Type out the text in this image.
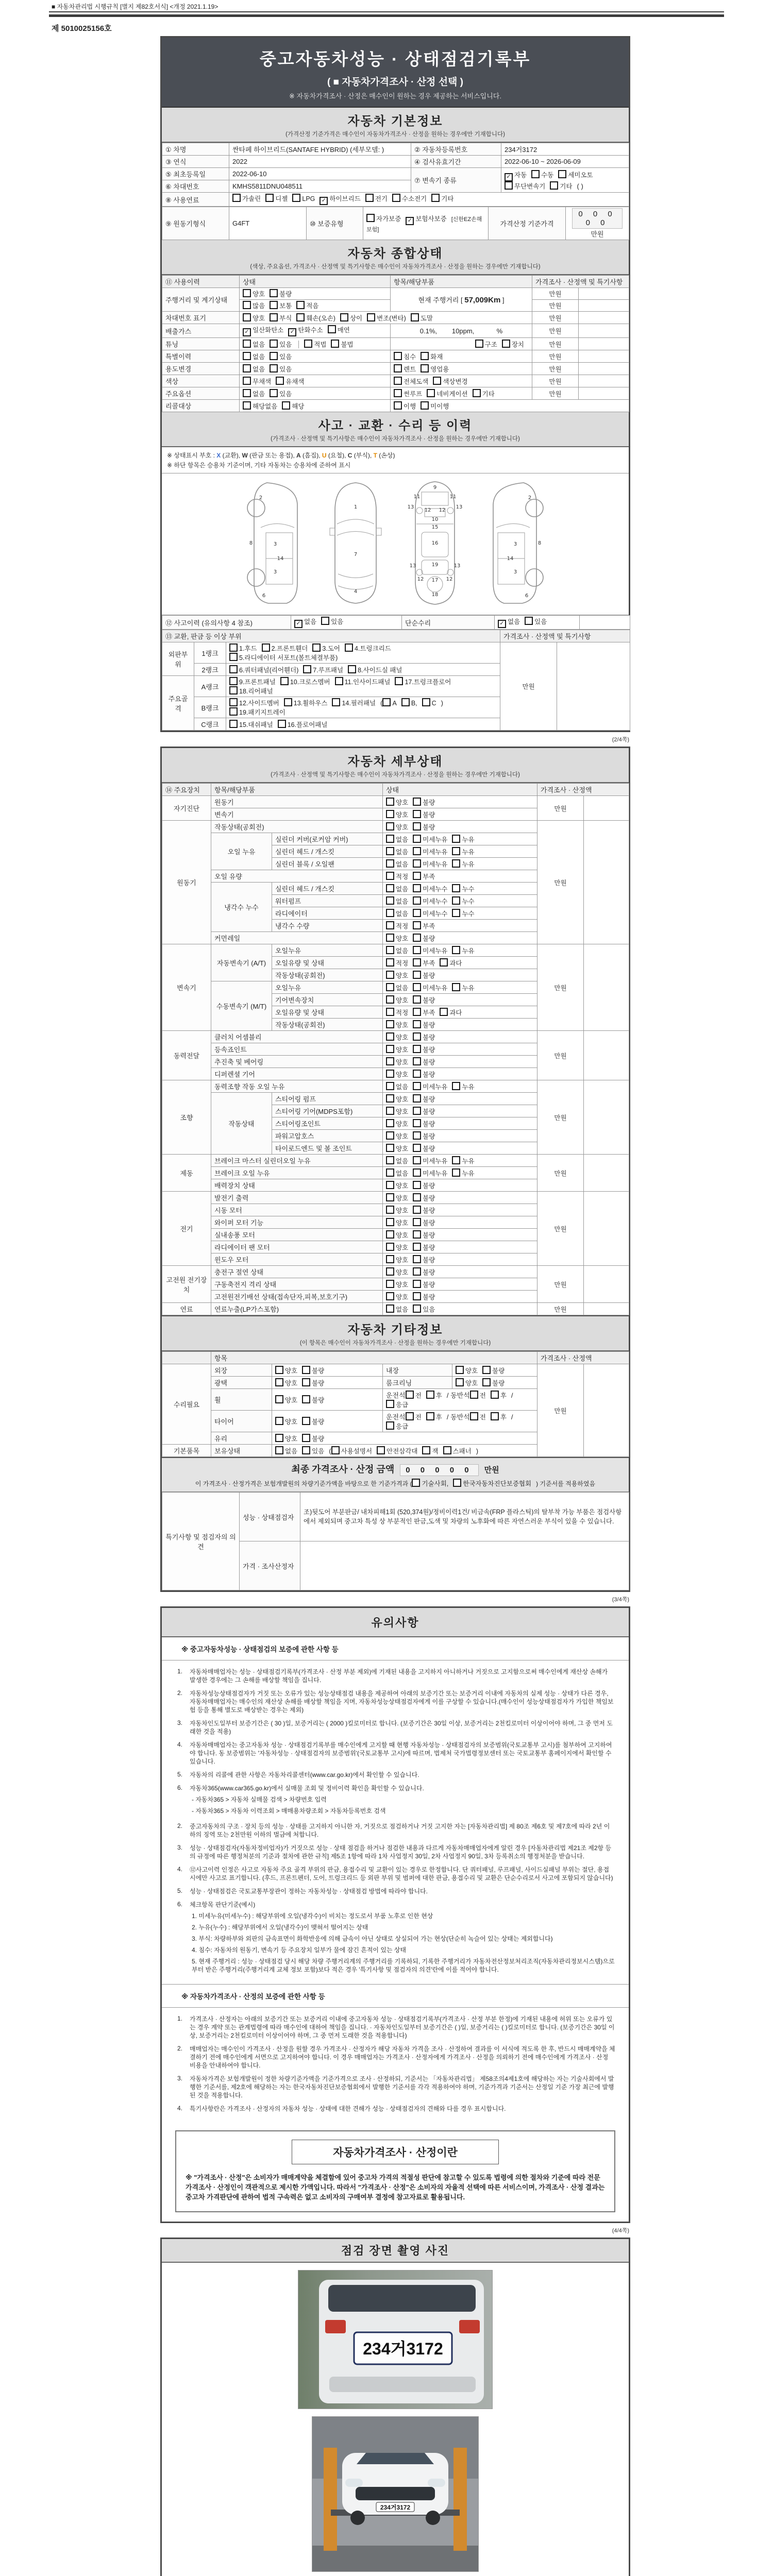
■ 자동차관리법 시행규칙 [별지 제82호서식] <개정 2021.1.19>
제 5010025156호
중고자동차성능 · 상태점검기록부
( ■ 자동차가격조사 · 산정 선택 )
※ 자동차가격조사 · 산정은 매수인이 원하는 경우 제공하는 서비스입니다.
자동차 기본정보
(가격산정 기준가격은 매수인이 자동차가격조사 · 산정을 원하는 경우에만 기재합니다)
① 차명	싼타페 하이브리드(SANTAFE HYBRID) (세부모델: )	② 자동차등록번호	234거3172
③ 연식	2022	④ 검사유효기간	2022-06-10 ~ 2026-06-09
⑤ 최초등록일	2022-06-10	⑦ 변속기 종류	
✓자동 수동 세미오토
무단변속기 기타 ( )

⑥ 차대번호	KMHS5811DNU048511		
⑧ 사용연료	가솔린 디젤 LPG ✓ 하이브리드 전기 수소전기 기타
⑨ 원동기형식	G4FT	⑩ 보증유형	자가보증 ✓ 보험사보증 [신한EZ손해보험]	가격산정 기준가격	0 0 0 0 0만원
자동차 종합상태
(색상, 주요옵션, 가격조사 · 산정액 및 특기사항은 매수인이 자동차가격조사 · 산정을 원하는 경우에만 기재합니다)
⑪ 사용이력	상태	항목/해당부품	가격조사 · 산정액 및 특기사항	
주행거리 및 계기상태	양호 불량	현재 주행거리 [ 57,009Km ]	만원	
	많음 보통 적음		만원	
차대번호 표기	양호 부식 훼손(오손) 상이 변조(변타) 도말		만원	
배출가스	✓일산화탄소 ✓ 탄화수소 매연	0.1%,        10ppm,            %	만원	
튜닝	없음 있음 적법 불법	구조 장치	만원	
특별이력	없음 있음	침수 화재	만원	
용도변경	없음 있음	렌트 영업용	만원	
색상	무채색 유채색	전체도색 색상변경	만원	
주요옵션	없음 있음	썬루프 네비게이션 기타	만원	
리콜대상	해당없음 해당	이행 미이행		
사고 · 교환 · 수리 등 이력
(가격조사 · 산정액 및 특기사항은 매수인이 자동차가격조사 · 산정을 원하는 경우에만 기재합니다)
※ 상태표시 부호 : X (교환), W (판금 또는 용접), A (흠집), U (요철), C (부식), T (손상)
※ 하단 항목은 승용차 기준이며, 기타 자동차는 승용차에 준하여 표시
2
8	3
14
3
6
1
7
4
9
11	11
13	13
12 12
10
15
16
19
13	13
12 17 12
18
2
8
3
14
3
6
⑫ 사고이력 (유의사항 4 참조)	✓없음 있음	단순수리	✓없음 있음	
⑬ 교환, 판금 등 이상 부위			가격조사 · 산정액 및 특기사항	
외판부위	1랭크	1.후드 2.프론트휀더 3.도어 4.트렁크리드
5.라디에이터 서포트(볼트체결부품)	만원	
	2랭크	6.쿼터패널(리어휀더) 7.루프패널 8.사이드실 패널		
주요골격	A랭크	9.프론트패널 10.크로스멤버 11.인사이드패널 17.트렁크플로어
18.리어패널		

	B랭크	12.사이드멤버 13.휠하우스 14.필러패널 ( A B, C )
19.패키지트레이		

	C랭크	15.대쉬패널 16.플로어패널		
(2/4쪽)
자동차 세부상태
(가격조사 · 산정액 및 특기사항은 매수인이 자동차가격조사 · 산정을 원하는 경우에만 기재합니다)
⑭ 주요장치	항목/해당부품		상태	가격조사 · 산정액	
자기진단	원동기		양호 불량	만원	
	변속기		양호 불량		
원동기	작동상태(공회전)		양호 불량	만원	
	오일 누유	실린더 커버(로커암 커버)	없음 미세누유 누유		
		실린더 헤드 / 개스킷	없음 미세누유 누유		
		실린더 블록 / 오일팬	없음 미세누유 누유		
	오일 유량		적정 부족		
	냉각수 누수	실린더 헤드 / 개스킷	없음 미세누수 누수		
		워터펌프	없음 미세누수 누수		
		라디에이터	없음 미세누수 누수		
		냉각수 수량	적정 부족		
	커먼레일		양호 불량		
변속기	자동변속기 (A/T)	오일누유	없음 미세누유 누유	만원	
		오일유량 및 상태	적정 부족 과다		
		작동상태(공회전)	양호 불량		
	수동변속기 (M/T)	오일누유	없음 미세누유 누유		
		기어변속장치	양호 불량		
		오일유량 및 상태	적정 부족 과다		
		작동상태(공회전)	양호 불량		
동력전달	클러치 어셈블리		양호 불량	만원	
	등속죠인트		양호 불량		
	추진축 및 베어링		양호 불량		
	디퍼렌셜 기어		양호 불량		
조향	동력조향 작동 오일 누유		없음 미세누유 누유	만원	
	작동상태	스티어링 펌프	양호 불량		
		스티어링 기어(MDPS포함)	양호 불량		
		스티어링조인트	양호 불량		
		파워고압호스	양호 불량		
		타이로드엔드 및 볼 조인트	양호 불량		
제동	브레이크 마스터 실린더오일 누유		없음 미세누유 누유	만원	
	브레이크 오일 누유		없음 미세누유 누유		
	배력장치 상태		양호 불량		
전기	발전기 출력		양호 불량	만원	
	시동 모터		양호 불량		
	와이퍼 모터 기능		양호 불량		
	실내송풍 모터		양호 불량		
	라디에이터 팬 모터		양호 불량		
	윈도우 모터		양호 불량		
고전원 전기장치	충전구 절연 상태		양호 불량	만원	
	구동축전지 격리 상태		양호 불량		
	고전원전기배선 상태(접속단자,피복,보호기구)		양호 불량		
연료	연료누출(LP가스포함)		없음 있음	만원	
자동차 기타정보
(이 항목은 매수인이 자동차가격조사 · 산정을 원하는 경우에만 기재합니다)
	항목				가격조사 · 산정액	
수리필요	외장	양호 불량	내장	양호 불량	만원	
	광택	양호 불량	룸크리닝	양호 불량		
	휠	양호 불량	운전석 전 후 / 동반석 전 후 /응급			
	타이어	양호 불량	운전석 전 후 / 동반석 전 후 /응급			
	유리	양호 불량				
기본품목	보유상태	없음 있음 ( 사용설명서 안전삼각대 잭 스패너 )				
최종 가격조사 · 산정 금액 0 0 0 0 0 만원
이 가격조사 · 산정가격은 보험개발원의 차량기준가액을 바탕으로 한 기준가격과 ( 기술사회, 한국자동차진단보증협회 ) 기준서를 적용하였음
특기사항 및 점검자의 의견	성능 · 상태점검자	조)뒷도어 부분판금/ 내차피해1회 (520,374원)/정비이력1건/ 비금속(FRP 플라스틱)의 탈부착 가능 부품은 점검사항에서 제외되며 중고차 특성 상 부분적인 판금,도색 및 차량의 노후화에 따른 자연스러운 부식이 있을 수 있습니다.
	가격 · 조사산정자	
(3/4쪽)
유의사항
※ 중고자동차성능 · 상태점검의 보증에 관한 사항 등
1.	자동차매매업자는 성능 · 상태점검기록부(가격조사 · 산정 부분 제외)에 기재된 내용을 고지하지 아니하거나 거짓으로 고지함으로써 매수인에게 재산상 손해가 발생한 경우에는 그 손해를 배상할 책임을 집니다.
2.	자동차성능상태점검자가 거짓 또는 오류가 있는 성능상태점검 내용을 제공하여 아래의 보증기간 또는 보증거리 이내에 자동차의 실제 성능 · 상태가 다른 경우, 자동차매매업자는 매수인의 재산상 손해를 배상할 책임을 지며, 자동차성능상태점검자에게 이를 구상할 수 있습니다.(매수인이 성능상태점검자가 가입한 책임보험 등을 통해 별도로 배상받는 경우는 제외)
3.	자동차인도일부터 보증기간은 ( 30 )일, 보증거리는 ( 2000 )킬로미터로 합니다. (보증기간은 30일 이상, 보증거리는 2천킬로미터 이상이어야 하며, 그 중 먼저 도래한 것을 적용)
4.	자동차매매업자는 중고자동차 성능 · 상태점검기록부를 매수인에게 고지할 때 현행 자동차성능 · 상태점검자의 보증범위(국토교통부 고시)를 첨부하여 고지하여야 합니다. 동 보증범위는 '자동차성능 · 상태점검자의 보증범위'(국토교통부 고시)에 따르며, 법제처 국가법령정보센터 또는 국토교통부 홈페이지에서 확인할 수 있습니다.
5.	자동차의 리콜에 관한 사항은 자동차리콜센터(www.car.go.kr)에서 확인할 수 있습니다.
6.	자동차365(www.car365.go.kr)에서 실매물 조회 및 정비이력 확인을 확인할 수 있습니다.
- 자동차365 > 자동차 실매물 검색 > 차량번호 입력
- 자동차365 > 자동차 이력조회 > 매매용차량조회 > 자동차등록번호 검색
2.	중고자동차의 구조 · 장치 등의 성능 · 상태를 고지하지 아니한 자, 거짓으로 점검하거나 거짓 고지한 자는 [자동차관리법] 제 80조 제6호 및 제7호에 따라 2년 이하의 징역 또는 2천만원 이하의 벌금에 처합니다.
3.	성능 · 상태점검자(자동차정비업자)가 거짓으로 성능 · 상태 점검을 하거나 점검한 내용과 다르게 자동차매매업자에게 알린 경우 [자동차관리법 제21조 제2항 등의 규정에 따른 행정처분의 기준과 절차에 관한 규칙] 제5조 1항에 따라 1차 사업정지 30일, 2차 사업정지 90일, 3차 등록취소의 행정처분을 받습니다.
4.	⑫사고이력 인정은 사고로 자동차 주요 골격 부위의 판금, 용접수리 및 교환이 있는 경우로 한정합니다. 단 쿼터패널, 루프패널, 사이드실패널 부위는 절단, 용접 시에만 사고로 표기합니다. (후드, 프론트펜더, 도어, 트렁크리드 등 외판 부위 및 범퍼에 대한 판금, 용접수리 및 교환은 단순수리로서 사고에 포함되지 않습니다)
5.	성능 · 상태점검은 국토교통부장관이 정하는 자동차성능 · 상태점검 방법에 따라야 합니다.
6.	체크항목 판단기준(예시)
1. 미세누유(미세누수) : 해당부위에 오일(냉각수)이 비치는 정도로서 부품 노후로 인한 현상
2. 누유(누수) : 해당부위에서 오일(냉각수)이 맺혀서 떨어지는 상태
3. 부식: 차량하부와 외판의 금속표면이 화학반응에 의해 금속이 아닌 상태로 상실되어 가는 현상(단순히 녹슬어 있는 상태는 제외합니다)
4. 침수: 자동차의 원동기, 변속기 등 주요장치 일부가 물에 잠긴 흔적이 있는 상태
5. 현재 주행거리 : 성능 · 상태점검 당시 해당 차량 주행거리계의 주행거리를 기록하되, 기록한 주행거리가 자동차전산정보처리조직(자동차관리정보시스템)으로부터 받은 주행거리(주행거리계 교체 정보 포함)보다 적은 경우 '특기사항 및 점검자의 의견'란에 이를 적어야 합니다.
※ 자동차가격조사 · 산정의 보증에 관한 사항 등
1.	가격조사 · 산정자는 아래의 보증기간 또는 보증거리 이내에 중고자동차 성능 · 상태점검기록부(가격조사 · 산정 부분 한정)에 기재된 내용에 허위 또는 오류가 있는 경우 계약 또는 관계법령에 따라 매수인에 대하여 책임을 집니다. · 자동차인도일부터 보증기간은 ( )일, 보증거리는 ( )킬로미터로 합니다. (보증기간은 30일 이상, 보증거리는 2천킬로미터 이상이어야 하며, 그 중 먼저 도래한 것을 적용합니다)
2.	매매업자는 매수인이 가격조사 · 산정을 원할 경우 가격조사 · 산정자가 해당 자동차 가격을 조사 · 산정하여 결과를 이 서식에 적도록 한 후, 반드시 매매계약을 체결하기 전에 매수인에게 서면으로 고지하여야 합니다. 이 경우 매매업자는 가격조사 · 산정자에게 가격조사 · 산정을 의뢰하기 전에 매수인에게 가격조사 · 산정 비용을 안내하여야 합니다.
3.	자동차가격은 보험개발원이 정한 차량기준가액을 기준가격으로 조사 · 산정하되, 기준서는 「자동차관리법」 제58조의4제1호에 해당하는 자는 기술사회에서 발행한 기준서를, 제2호에 해당하는 자는 한국자동차진단보증협회에서 발행한 기준서를 각각 적용하여야 하며, 기준가격과 기준서는 산정일 기준 가장 최근에 발행된 것을 적용합니다.
4.	특기사항란은 가격조사 · 산정자의 자동차 성능 · 상태에 대한 견해가 성능 · 상태점검자의 견해와 다를 경우 표시합니다.
자동차가격조사 · 산정이란
※ "가격조사 · 산정"은 소비자가 매매계약을 체결함에 있어 중고차 가격의 적절성 판단에 참고할 수 있도록 법령에 의한 절차와 기준에 따라 전문 가격조사 · 산정인이 객관적으로 제시한 가액입니다. 따라서 "가격조사 · 산정"은 소비자의 자율적 선택에 따른 서비스이며, 가격조사 · 산정 결과는 중고차 가격판단에 관하여 법적 구속력은 없고 소비자의 구매여부 결정에 참고자료로 활용됩니다.
(4/4쪽)
점검 장면 촬영 사진
234거3172
234거3172
